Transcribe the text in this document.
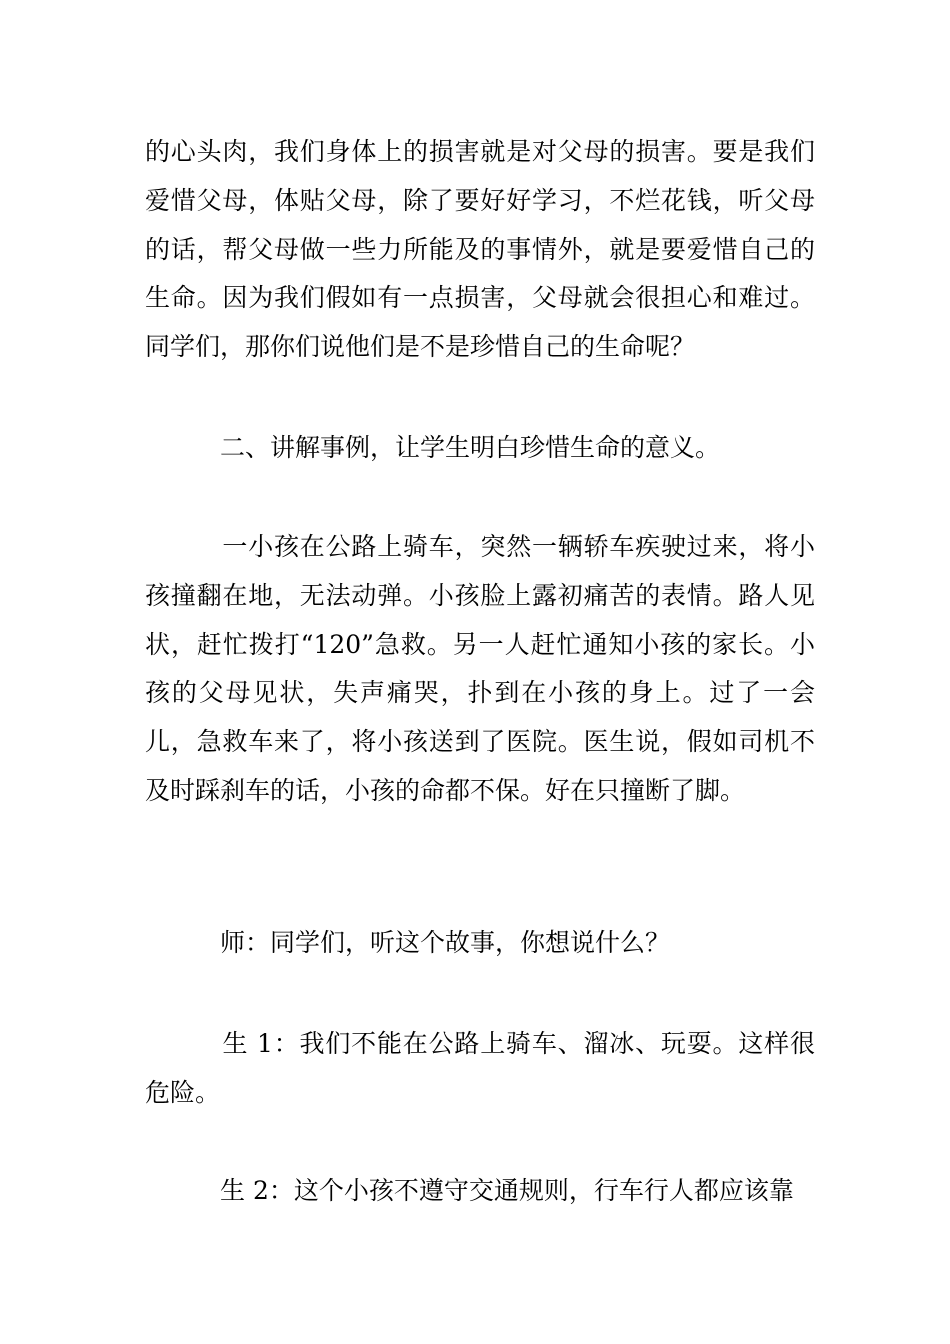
的心头肉，我们身体上的损害就是对父母的损害。要是我们爱惜父母，体贴父母，除了要好好学习，不烂花钱，听父母的话，帮父母做一些力所能及的事情外，就是要爱惜自己的生命。因为我们假如有一点损害，父母就会很担心和难过。同学们，那你们说他们是不是珍惜自己的生命呢？

　　　二、讲解事例，让学生明白珍惜生命的意义。

　　　一小孩在公路上骑车，突然一辆轿车疾驶过来，将小孩撞翻在地，无法动弹。小孩脸上露初痛苦的表情。路人见状，赶忙拨打“120”急救。另一人赶忙通知小孩的家长。小孩的父母见状，失声痛哭，扑到在小孩的身上。过了一会儿，急救车来了，将小孩送到了医院。医生说，假如司机不及时踩刹车的话，小孩的命都不保。好在只撞断了脚。

　　　师：同学们，听这个故事，你想说什么？

　　　生 1：我们不能在公路上骑车、溜冰、玩耍。这样很危险。

　　　生 2：这个小孩不遵守交通规则，行车行人都应该靠
